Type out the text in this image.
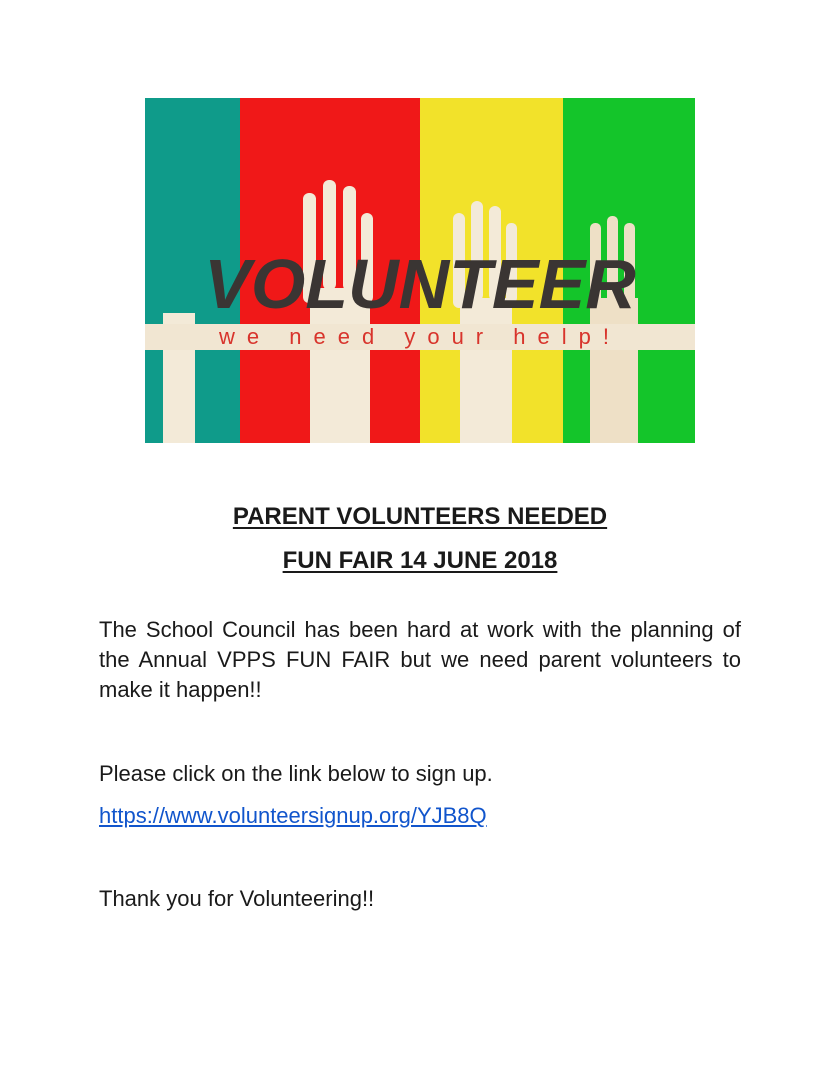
VOLUNTEER
we need your help!
PARENT VOLUNTEERS NEEDED
FUN FAIR 14 JUNE 2018
The School Council has been hard at work with the planning of the Annual VPPS FUN FAIR but we need parent volunteers to make it happen!!
Please click on the link below to sign up.
https://www.volunteersignup.org/YJB8Q
Thank you for Volunteering!!
